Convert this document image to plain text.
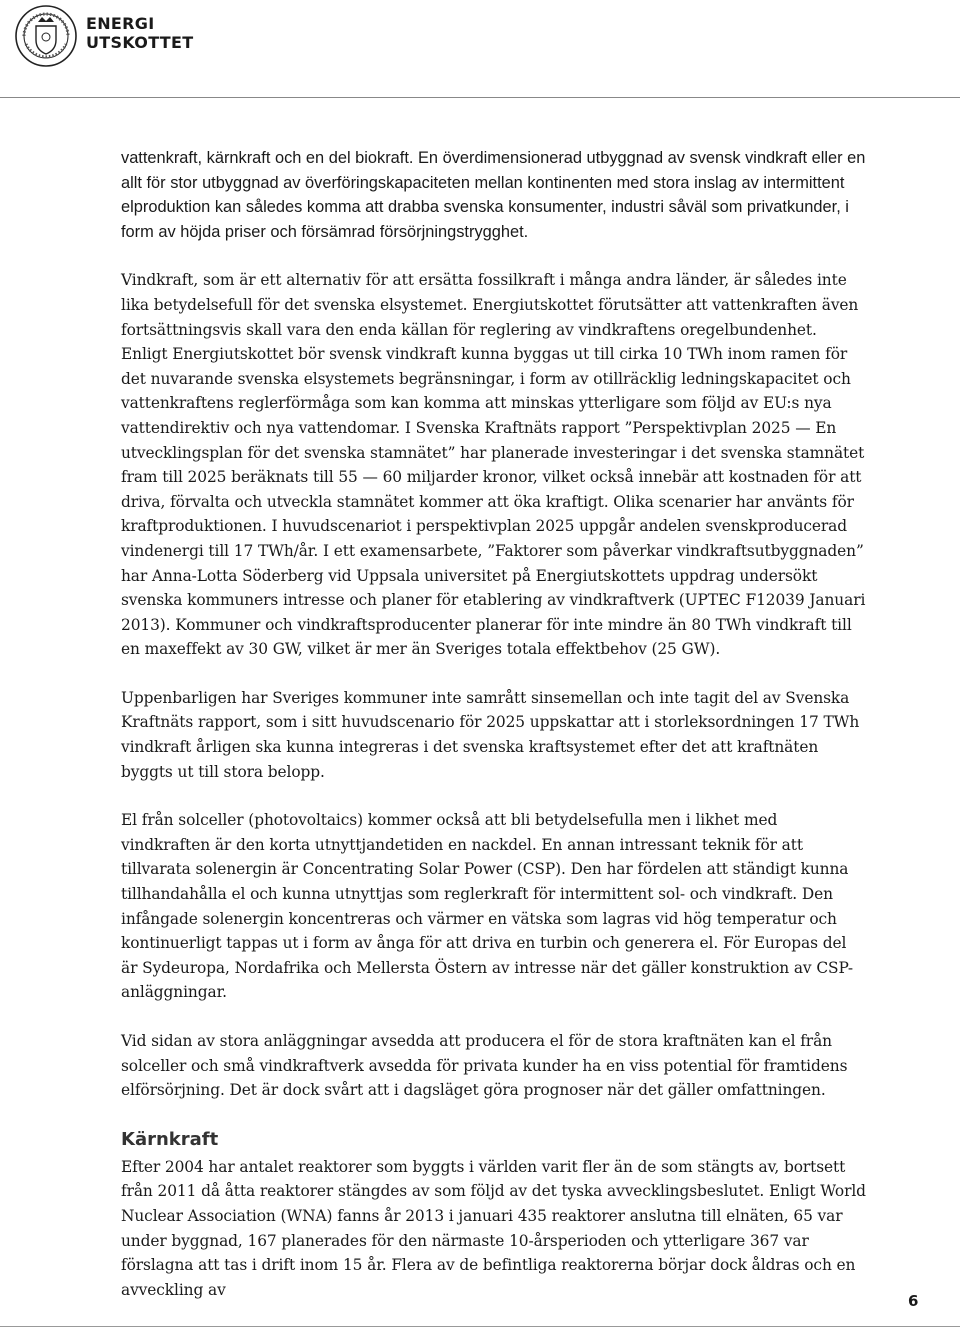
ENERGI
UTSKOTTET

vattenkraft, kärnkraft och en del biokraft. En överdimensionerad utbyggnad av svensk vindkraft eller en allt för stor utbyggnad av överföringskapaciteten mellan kontinenten med stora inslag av intermittent elproduktion kan således komma att drabba svenska konsumenter, industri såväl som privatkunder, i form av höjda priser och försämrad försörjningstrygghet.

Vindkraft, som är ett alternativ för att ersätta fossilkraft i många andra länder, är således inte lika betydelsefull för det svenska elsystemet. Energiutskottet förutsätter att vattenkraften även fortsättningsvis skall vara den enda källan för reglering av vindkraftens oregelbundenhet. Enligt Energiutskottet bör svensk vindkraft kunna byggas ut till cirka 10 TWh inom ramen för det nuvarande svenska elsystemets begränsningar, i form av otillräcklig ledningskapacitet och vattenkraftens reglerförmåga som kan komma att minskas ytterligare som följd av EU:s nya vattendirektiv och nya vattendomar. I Svenska Kraftnäts rapport ”Perspektivplan 2025 — En utvecklingsplan för det svenska stamnätet” har planerade investeringar i det svenska stamnätet fram till 2025 beräknats till 55 — 60 miljarder kronor, vilket också innebär att kostnaden för att driva, förvalta och utveckla stamnätet kommer att öka kraftigt. Olika scenarier har använts för kraftproduktionen. I huvudscenariot i perspektivplan 2025 uppgår andelen svenskproducerad vindenergi till 17 TWh/år. I ett examensarbete, ”Faktorer som påverkar vindkraftsutbyggnaden” har Anna-Lotta Söderberg vid Uppsala universitet på Energiutskottets uppdrag undersökt svenska kommuners intresse och planer för etablering av vindkraftverk (UPTEC F12039 Januari 2013). Kommuner och vindkraftsproducenter planerar för inte mindre än 80 TWh vindkraft till en maxeffekt av 30 GW, vilket är mer än Sveriges totala effektbehov (25 GW).

Uppenbarligen har Sveriges kommuner inte samrått sinsemellan och inte tagit del av Svenska Kraftnäts rapport, som i sitt huvudscenario för 2025 uppskattar att i storleksordningen 17 TWh vindkraft årligen ska kunna integreras i det svenska kraftsystemet efter det att kraftnäten byggts ut till stora belopp.

El från solceller (photovoltaics) kommer också att bli betydelsefulla men i likhet med vindkraften är den korta utnyttjandetiden en nackdel. En annan intressant teknik för att tillvarata solenergin är Concentrating Solar Power (CSP). Den har fördelen att ständigt kunna tillhandahålla el och kunna utnyttjas som reglerkraft för intermittent sol- och vindkraft. Den infångade solenergin koncentreras och värmer en vätska som lagras vid hög temperatur och kontinuerligt tappas ut i form av ånga för att driva en turbin och generera el. För Europas del är Sydeuropa, Nordafrika och Mellersta Östern av intresse när det gäller konstruktion av CSP-anläggningar.

Vid sidan av stora anläggningar avsedda att producera el för de stora kraftnäten kan el från solceller och små vindkraftverk avsedda för privata kunder ha en viss potential för framtidens elförsörjning. Det är dock svårt att i dagsläget göra prognoser när det gäller omfattningen.

Kärnkraft

Efter 2004 har antalet reaktorer som byggts i världen varit fler än de som stängts av, bortsett från 2011 då åtta reaktorer stängdes av som följd av det tyska avvecklingsbeslutet. Enligt World Nuclear Association (WNA) fanns år 2013 i januari 435 reaktorer anslutna till elnäten, 65 var under byggnad, 167 planerades för den närmaste 10-årsperioden och ytterligare 367 var förslagna att tas i drift inom 15 år. Flera av de befintliga reaktorerna börjar dock åldras och en avveckling av

6
